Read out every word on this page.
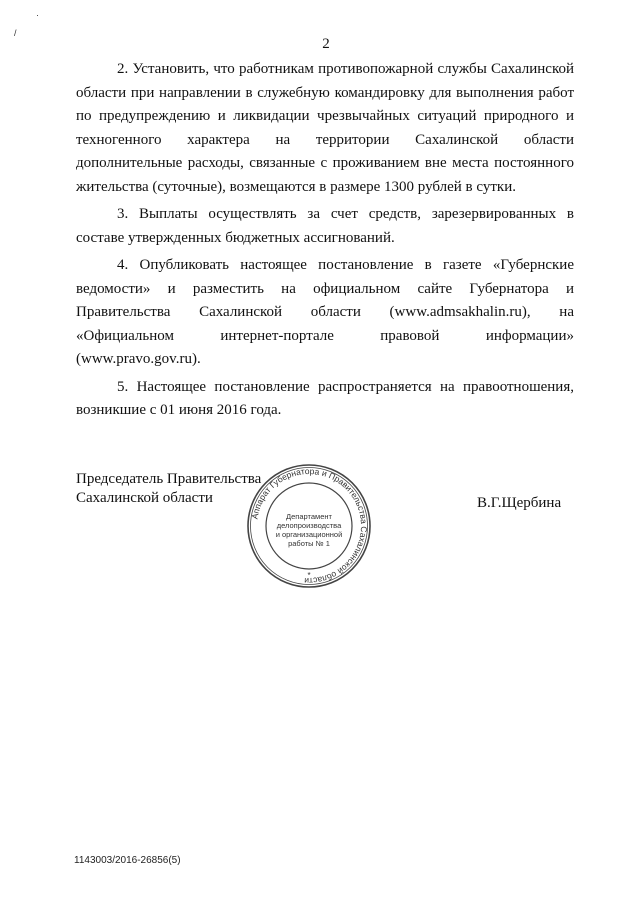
·
/
2

2. Установить, что работникам противопожарной службы Сахалинской области при направлении в служебную командировку для выполнения работ по предупреждению и ликвидации чрезвычайных ситуаций природного и техногенного характера на территории Сахалинской области дополнительные расходы, связанные с проживанием вне места постоянного жительства (суточные), возмещаются в размере 1300 рублей в сутки.

3. Выплаты осуществлять за счет средств, зарезервированных в составе утвержденных бюджетных ассигнований.

4. Опубликовать настоящее постановление в газете «Губернские ведомости» и разместить на официальном сайте Губернатора и Правительства Сахалинской области (www.admsakhalin.ru), на «Официальном интернет-портале правовой информации» (www.pravo.gov.ru).

5. Настоящее постановление распространяется на правоотношения, возникшие с 01 июня 2016 года.

Председатель Правительства
Сахалинской области
Аппарат Губернатора и Правительства Сахалинской области
Департамент
делопроизводства
и организационной
работы № 1
*
В.Г.Щербина
1143003/2016-26856(5)
